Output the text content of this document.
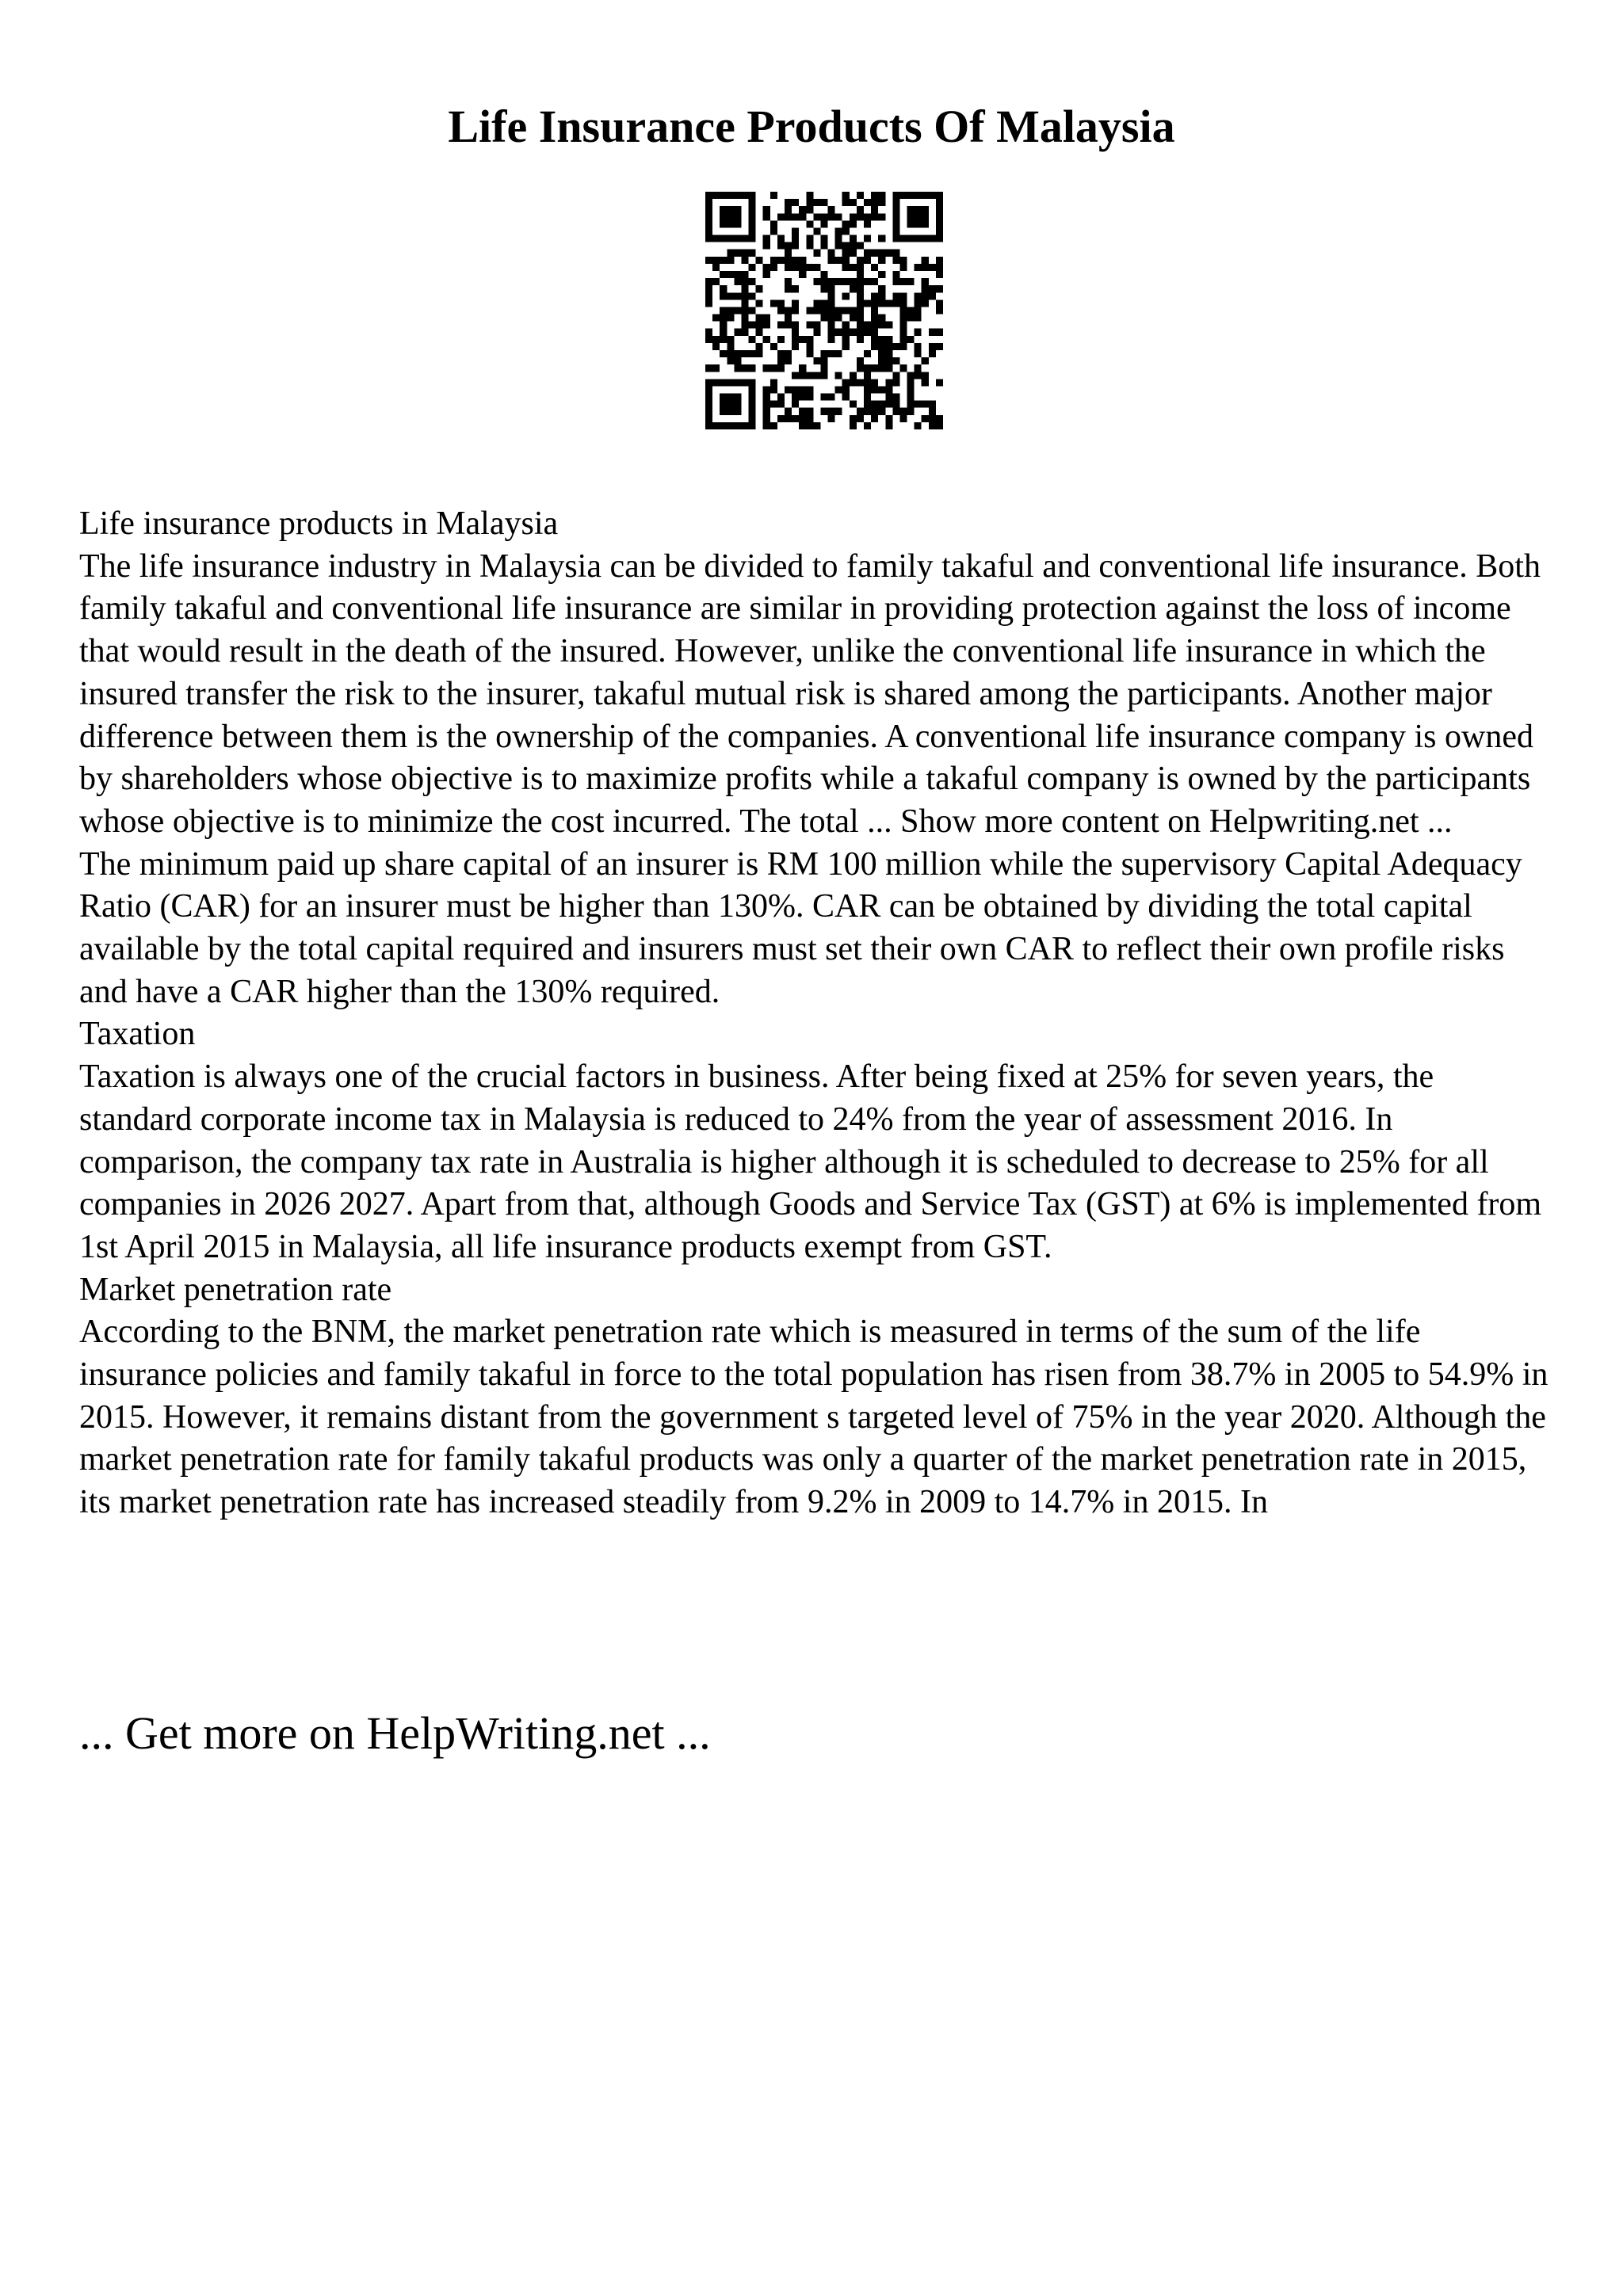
Life Insurance Products Of Malaysia

Life insurance products in Malaysia

The life insurance industry in Malaysia can be divided to family takaful and conventional life insurance. Both family takaful and conventional life insurance are similar in providing protection against the loss of income that would result in the death of the insured. However, unlike the conventional life insurance in which the insured transfer the risk to the insurer, takaful mutual risk is shared among the participants. Another major difference between them is the ownership of the companies. A conventional life insurance company is owned by shareholders whose objective is to maximize profits while a takaful company is owned by the participants whose objective is to minimize the cost incurred. The total ... Show more content on Helpwriting.net ...

The minimum paid up share capital of an insurer is RM 100 million while the supervisory Capital Adequacy Ratio (CAR) for an insurer must be higher than 130%. CAR can be obtained by dividing the total capital available by the total capital required and insurers must set their own CAR to reflect their own profile risks and have a CAR higher than the 130% required.

Taxation

Taxation is always one of the crucial factors in business. After being fixed at 25% for seven years, the standard corporate income tax in Malaysia is reduced to 24% from the year of assessment 2016. In comparison, the company tax rate in Australia is higher although it is scheduled to decrease to 25% for all companies in 2026 2027. Apart from that, although Goods and Service Tax (GST) at 6% is implemented from 1st April 2015 in Malaysia, all life insurance products exempt from GST.

Market penetration rate

According to the BNM, the market penetration rate which is measured in terms of the sum of the life insurance policies and family takaful in force to the total population has risen from 38.7% in 2005 to 54.9% in 2015. However, it remains distant from the government s targeted level of 75% in the year 2020. Although the market penetration rate for family takaful products was only a quarter of the market penetration rate in 2015, its market penetration rate has increased steadily from 9.2% in 2009 to 14.7% in 2015. In

... Get more on HelpWriting.net ...
